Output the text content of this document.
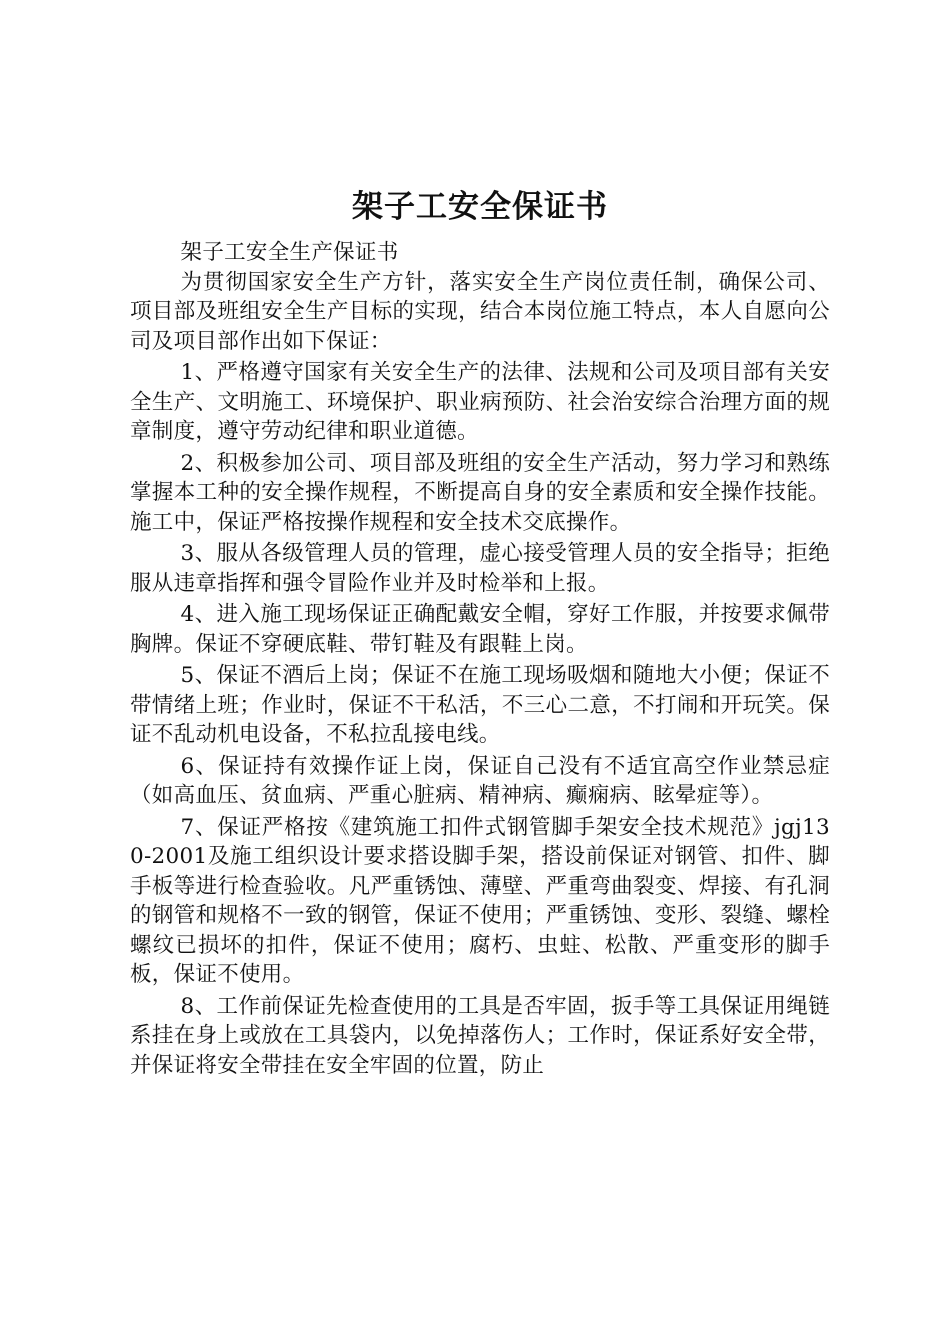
架子工安全保证书

架子工安全生产保证书

为贯彻国家安全生产方针，落实安全生产岗位责任制，确保公司、项目部及班组安全生产目标的实现，结合本岗位施工特点，本人自愿向公司及项目部作出如下保证：

1、严格遵守国家有关安全生产的法律、法规和公司及项目部有关安全生产、文明施工、环境保护、职业病预防、社会治安综合治理方面的规章制度，遵守劳动纪律和职业道德。

2、积极参加公司、项目部及班组的安全生产活动，努力学习和熟练掌握本工种的安全操作规程，不断提高自身的安全素质和安全操作技能。施工中，保证严格按操作规程和安全技术交底操作。

3、服从各级管理人员的管理，虚心接受管理人员的安全指导；拒绝服从违章指挥和强令冒险作业并及时检举和上报。

4、进入施工现场保证正确配戴安全帽，穿好工作服，并按要求佩带胸牌。保证不穿硬底鞋、带钉鞋及有跟鞋上岗。

5、保证不酒后上岗；保证不在施工现场吸烟和随地大小便；保证不带情绪上班；作业时，保证不干私活，不三心二意，不打闹和开玩笑。保证不乱动机电设备，不私拉乱接电线。

6、保证持有效操作证上岗，保证自己没有不适宜高空作业禁忌症（如高血压、贫血病、严重心脏病、精神病、癫痫病、眩晕症等）。

7、保证严格按《建筑施工扣件式钢管脚手架安全技术规范》jgj130-2001及施工组织设计要求搭设脚手架，搭设前保证对钢管、扣件、脚手板等进行检查验收。凡严重锈蚀、薄壁、严重弯曲裂变、焊接、有孔洞的钢管和规格不一致的钢管，保证不使用；严重锈蚀、变形、裂缝、螺栓螺纹已损坏的扣件，保证不使用；腐朽、虫蛀、松散、严重变形的脚手板，保证不使用。

8、工作前保证先检查使用的工具是否牢固，扳手等工具保证用绳链系挂在身上或放在工具袋内，以免掉落伤人；工作时，保证系好安全带，并保证将安全带挂在安全牢固的位置，防止
